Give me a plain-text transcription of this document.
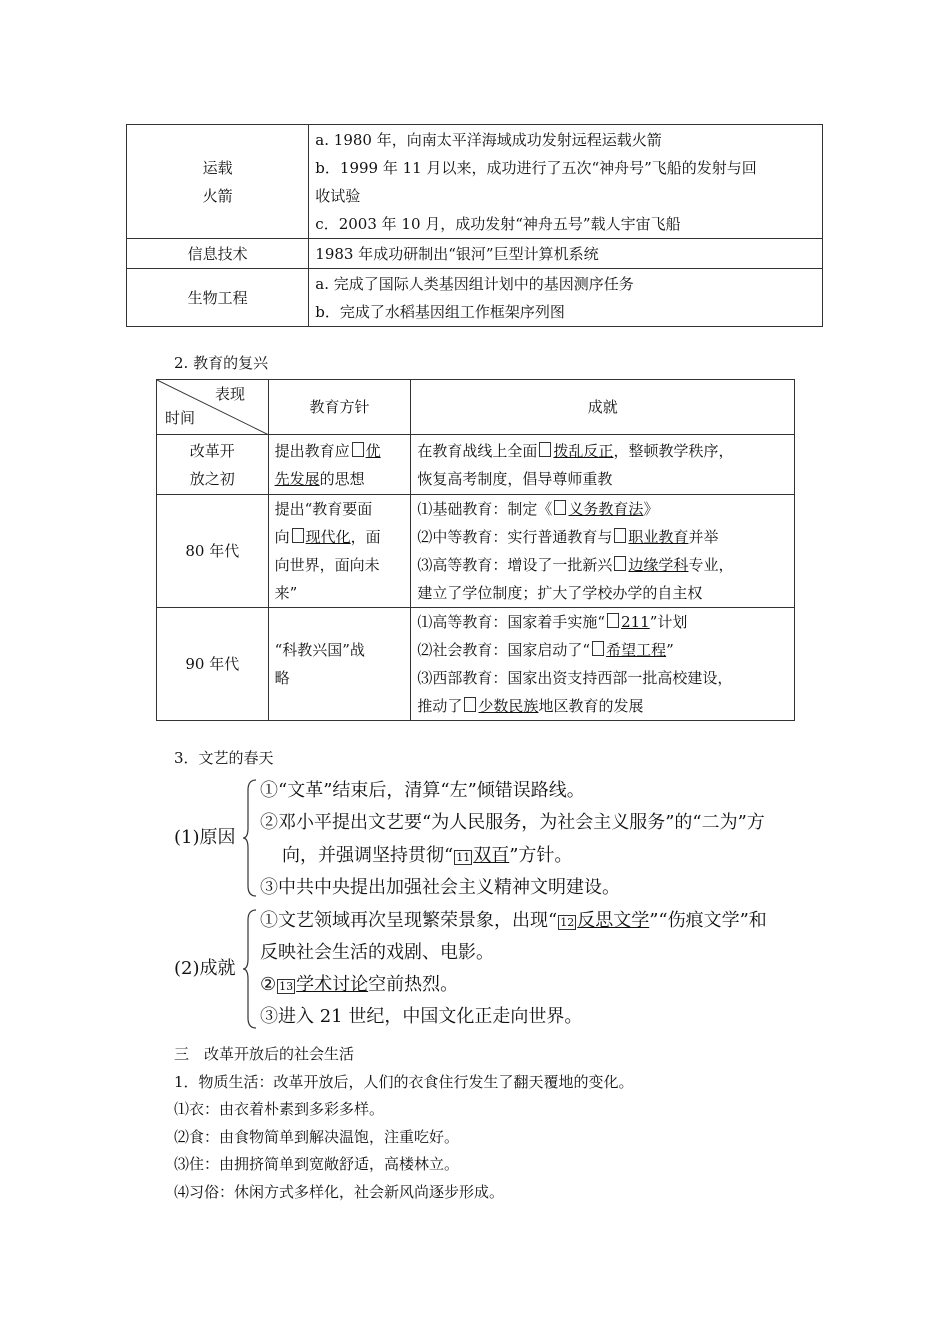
运载
火箭	a. 1980 年，向南太平洋海域成功发射远程运载火箭
b．1999 年 11 月以来，成功进行了五次“神舟号”飞船的发射与回
收试验
c．2003 年 10 月，成功发射“神舟五号”载人宇宙飞船

信息技术	1983 年成功研制出“银河”巨型计算机系统
生物工程	a. 完成了国际人类基因组计划中的基因测序任务
b．完成了水稻基因组工作框架序列图
2. 教育的复兴
表现
时间	教育方针	成就

改革开
放之初	提出教育应 优
先发展的思想	在教育战线上全面 拨乱反正，整顿教学秩序，
恢复高考制度，倡导尊师重教

80 年代	提出“教育要面
向 现代化，面
向世界，面向未
来”	⑴基础教育：制定《 义务教育法》
⑵中等教育：实行普通教育与 职业教育并举
⑶高等教育：增设了一批新兴 边缘学科专业，
建立了学位制度；扩大了学校办学的自主权

90 年代	“科教兴国”战
略	⑴高等教育：国家着手实施“ 211”计划
⑵社会教育：国家启动了“ 希望工程”
⑶西部教育：国家出资支持西部一批高校建设，
推动了 少数民族地区教育的发展
3．文艺的春天
(1)原因
①“文革”结束后，清算“左”倾错误路线。
②邓小平提出文艺要“为人民服务，为社会主义服务”的“二为”方
向，并强调坚持贯彻“ 11 双百”方针。
③中共中央提出加强社会主义精神文明建设。
(2)成就
①文艺领域再次呈现繁荣景象，出现“ 12 反思文学”“伤痕文学”和
反映社会生活的戏剧、电影。
② 13 学术讨论空前热烈。
③进入 21 世纪，中国文化正走向世界。
三　改革开放后的社会生活
1．物质生活：改革开放后，人们的衣食住行发生了翻天覆地的变化。
⑴衣：由衣着朴素到多彩多样。
⑵食：由食物简单到解决温饱，注重吃好。
⑶住：由拥挤简单到宽敞舒适，高楼林立。
⑷习俗：休闲方式多样化，社会新风尚逐步形成。
